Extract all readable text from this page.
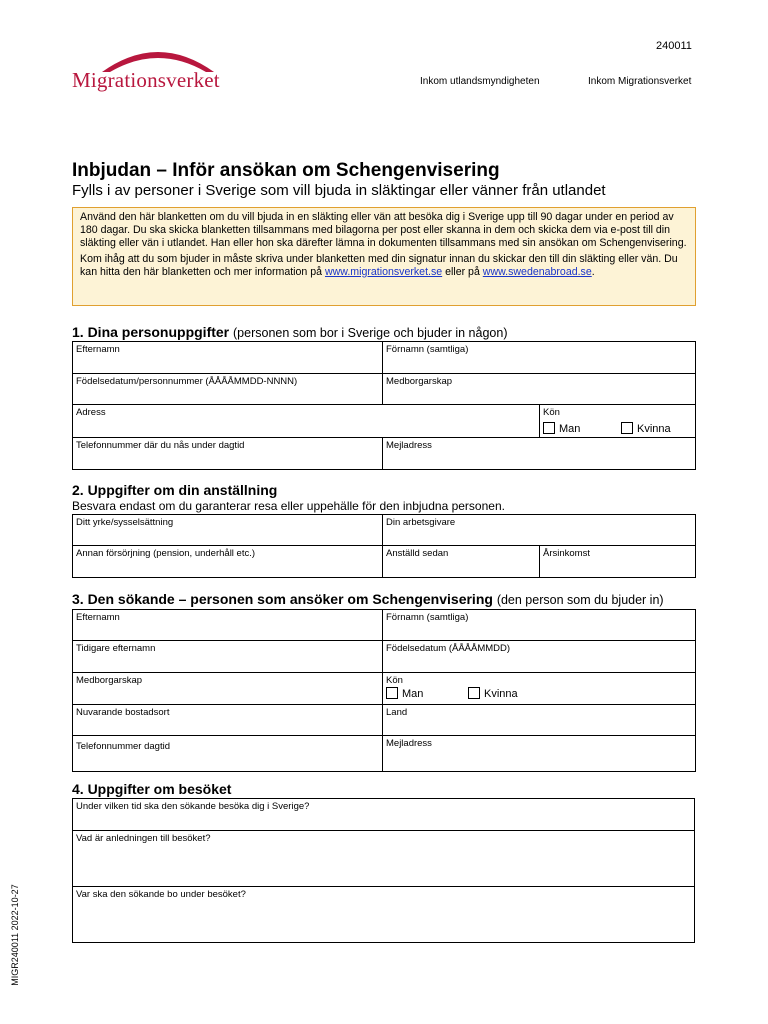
Migrationsverket
240011
Inkom utlandsmyndigheten	Inkom Migrationsverket
Inbjudan – Inför ansökan om Schengenvisering
Fylls i av personer i Sverige som vill bjuda in släktingar eller vänner från utlandet

Använd den här blanketten om du vill bjuda in en släkting eller vän att besöka dig i Sverige upp till 90 dagar under en period av 180 dagar. Du ska skicka blanketten tillsammans med bilagorna per post eller skanna in dem och skicka dem via e-post till din släkting eller vän i utlandet. Han eller hon ska därefter lämna in dokumenten tillsammans med sin ansökan om Schengenvisering.

Kom ihåg att du som bjuder in måste skriva under blanketten med din signatur innan du skickar den till din släkting eller vän. Du kan hitta den här blanketten och mer information på www.migrationsverket.se eller på www.swedenabroad.se.

1. Dina personuppgifter (personen som bor i Sverige och bjuder in någon)
Efternamn	Förnamn (samtliga)	
Födelsedatum/personnummer (ÅÅÅÅMMDD-NNNN)	Medborgarskap	
Adress		Kön
Man Kvinna

Telefonnummer där du nås under dagtid	Mejladress	
2. Uppgifter om din anställning
Besvara endast om du garanterar resa eller uppehälle för den inbjudna personen.
Ditt yrke/sysselsättning	Din arbetsgivare	
Annan försörjning (pension, underhåll etc.)	Anställd sedan	Årsinkomst
3. Den sökande – personen som ansöker om Schengenvisering (den person som du bjuder in)
Efternamn	Förnamn (samtliga)
Tidigare efternamn	Födelsedatum (ÅÅÅÅMMDD)
Medborgarskap	Kön
Man Kvinna

Nuvarande bostadsort	Land
Telefonnummer dagtid	Mejladress
4. Uppgifter om besöket
Under vilken tid ska den sökande besöka dig i Sverige?
Vad är anledningen till besöket?
Var ska den sökande bo under besöket?
MIGR240011 2022-10-27
